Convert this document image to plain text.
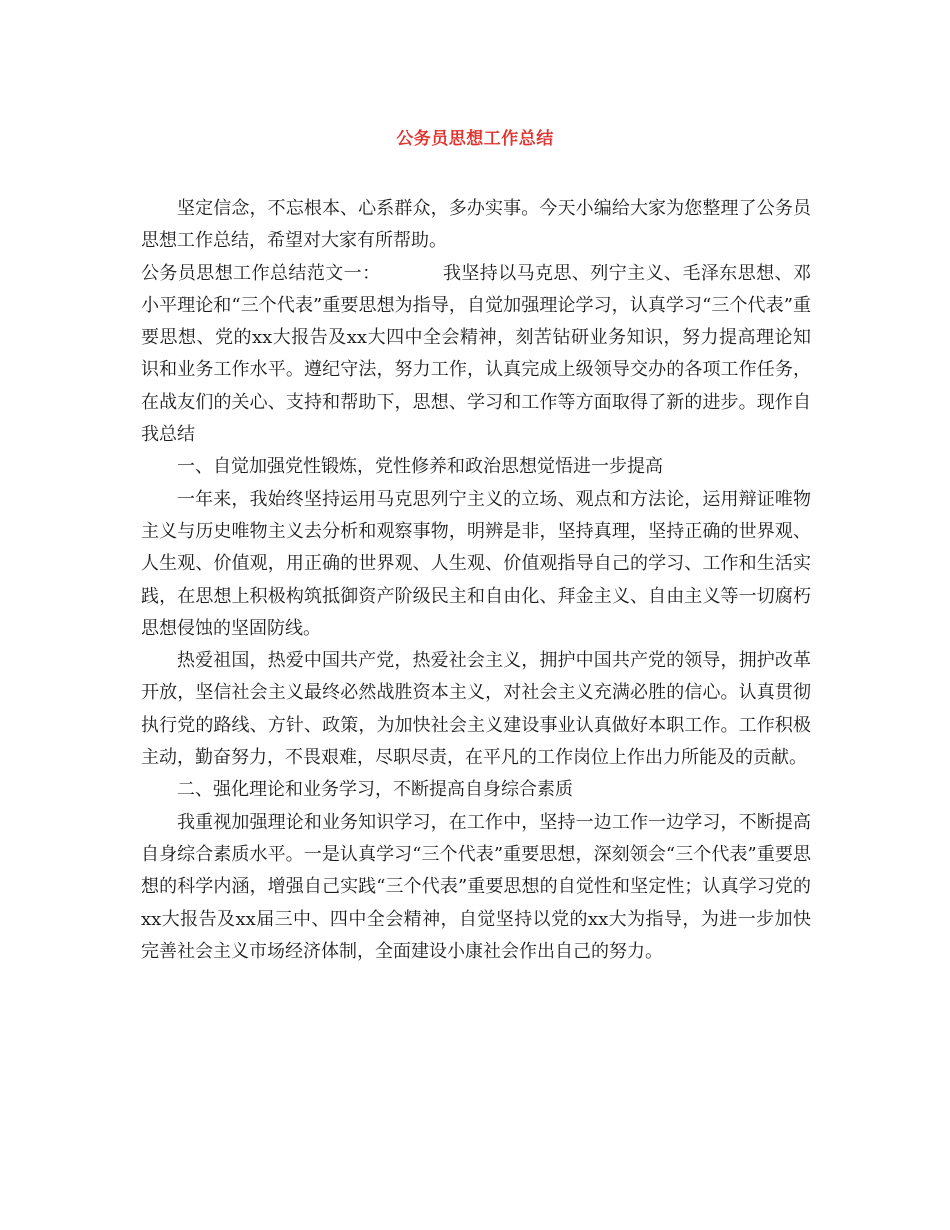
公务员思想工作总结

坚定信念，不忘根本、心系群众，多办实事。今天小编给大家为您整理了公务员思想工作总结，希望对大家有所帮助。

公务员思想工作总结范文一：	我坚持以马克思、列宁主义、毛泽东思想、邓小平理论和“三个代表”重要思想为指导，自觉加强理论学习，认真学习“三个代表”重要思想、党的xx大报告及xx大四中全会精神，刻苦钻研业务知识，努力提高理论知识和业务工作水平。遵纪守法，努力工作，认真完成上级领导交办的各项工作任务，在战友们的关心、支持和帮助下，思想、学习和工作等方面取得了新的进步。现作自我总结

一、自觉加强党性锻炼，党性修养和政治思想觉悟进一步提高

一年来，我始终坚持运用马克思列宁主义的立场、观点和方法论，运用辩证唯物主义与历史唯物主义去分析和观察事物，明辨是非，坚持真理，坚持正确的世界观、人生观、价值观，用正确的世界观、人生观、价值观指导自己的学习、工作和生活实践，在思想上积极构筑抵御资产阶级民主和自由化、拜金主义、自由主义等一切腐朽思想侵蚀的坚固防线。

热爱祖国，热爱中国共产党，热爱社会主义，拥护中国共产党的领导，拥护改革开放，坚信社会主义最终必然战胜资本主义，对社会主义充满必胜的信心。认真贯彻执行党的路线、方针、政策，为加快社会主义建设事业认真做好本职工作。工作积极主动，勤奋努力，不畏艰难，尽职尽责，在平凡的工作岗位上作出力所能及的贡献。

二、强化理论和业务学习，不断提高自身综合素质

我重视加强理论和业务知识学习，在工作中，坚持一边工作一边学习，不断提高自身综合素质水平。一是认真学习“三个代表”重要思想，深刻领会“三个代表”重要思想的科学内涵，增强自己实践“三个代表”重要思想的自觉性和坚定性；认真学习党的xx大报告及xx届三中、四中全会精神，自觉坚持以党的xx大为指导，为进一步加快完善社会主义市场经济体制，全面建设小康社会作出自己的努力。
